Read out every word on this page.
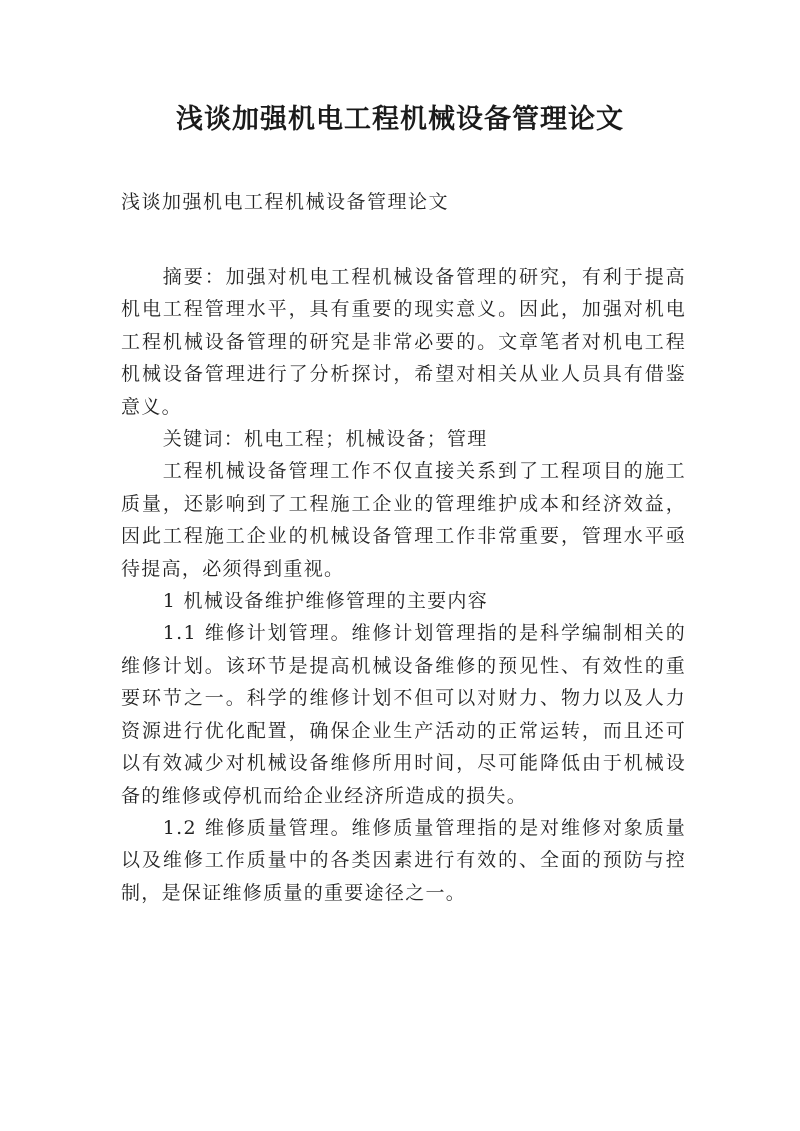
浅谈加强机电工程机械设备管理论文
浅谈加强机电工程机械设备管理论文

摘要：加强对机电工程机械设备管理的研究，有利于提高机电工程管理水平，具有重要的现实意义。因此，加强对机电工程机械设备管理的研究是非常必要的。文章笔者对机电工程机械设备管理进行了分析探讨，希望对相关从业人员具有借鉴意义。

关键词：机电工程；机械设备；管理

工程机械设备管理工作不仅直接关系到了工程项目的施工质量，还影响到了工程施工企业的管理维护成本和经济效益，因此工程施工企业的机械设备管理工作非常重要，管理水平亟待提高，必须得到重视。

1 机械设备维护维修管理的主要内容

1.1 维修计划管理。维修计划管理指的是科学编制相关的维修计划。该环节是提高机械设备维修的预见性、有效性的重要环节之一。科学的维修计划不但可以对财力、物力以及人力资源进行优化配置，确保企业生产活动的正常运转，而且还可以有效减少对机械设备维修所用时间，尽可能降低由于机械设备的维修或停机而给企业经济所造成的损失。

1.2 维修质量管理。维修质量管理指的是对维修对象质量以及维修工作质量中的各类因素进行有效的、全面的预防与控制，是保证维修质量的重要途径之一。
